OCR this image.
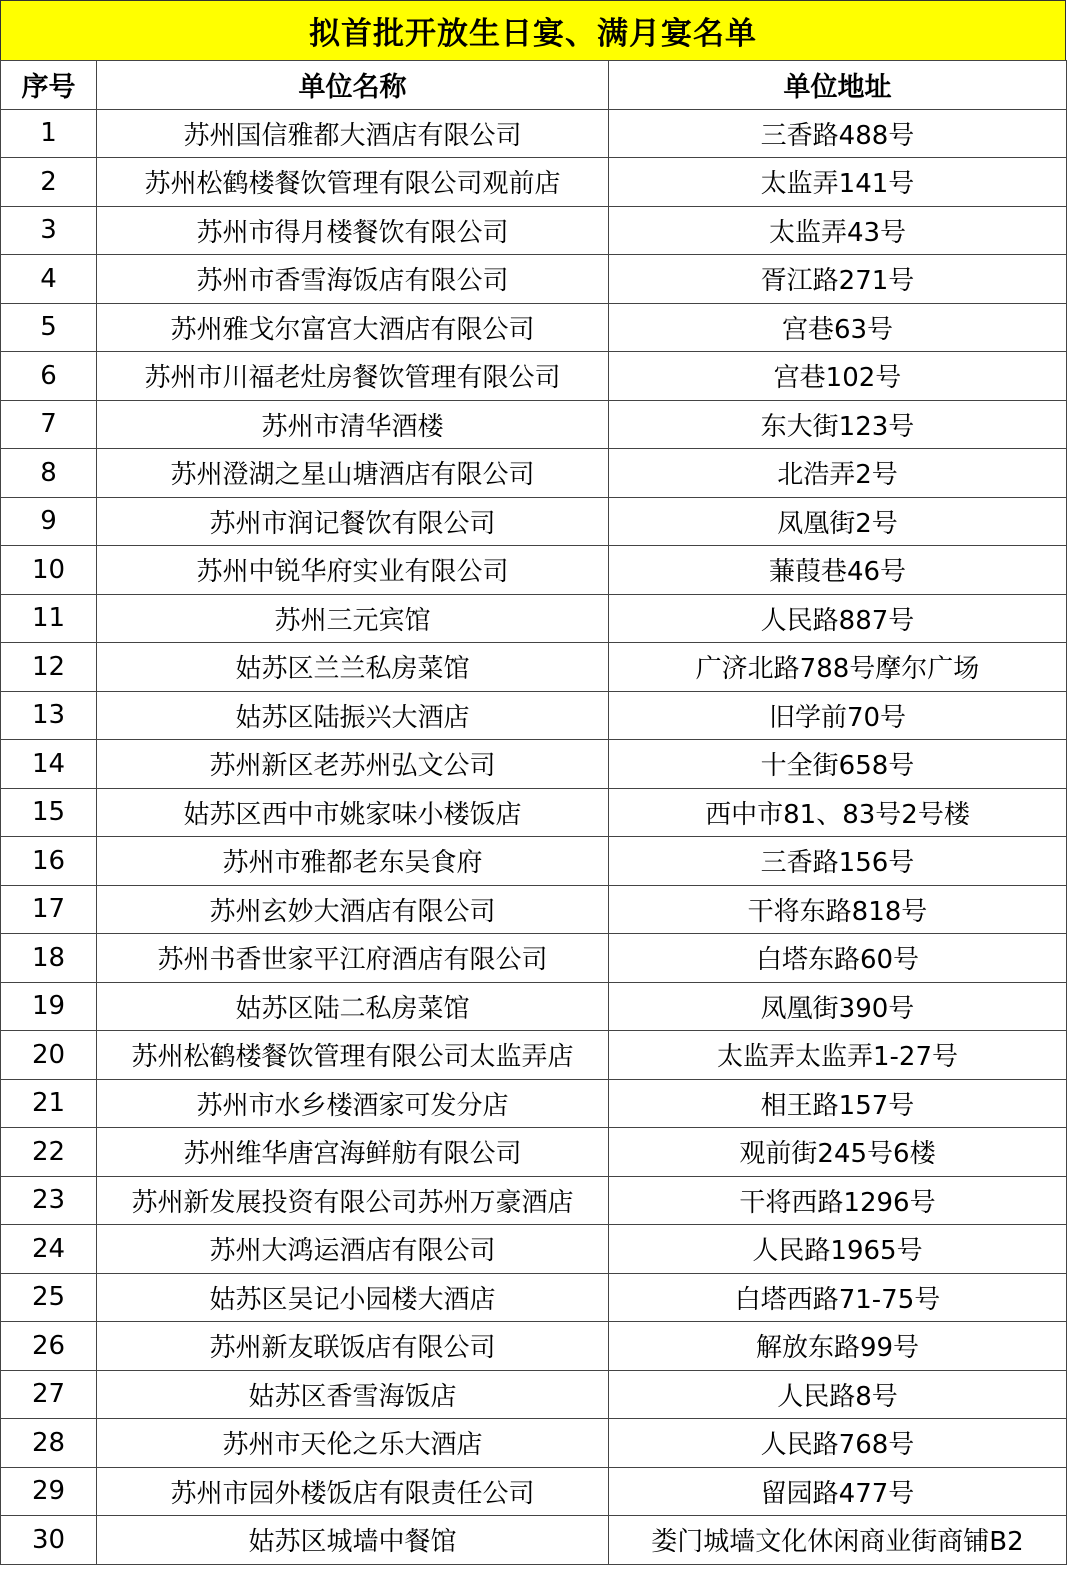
拟首批开放生日宴、满月宴名单
序号	单位名称	单位地址
1	苏州国信雅都大酒店有限公司	三香路488号
2	苏州松鹤楼餐饮管理有限公司观前店	太监弄141号
3	苏州市得月楼餐饮有限公司	太监弄43号
4	苏州市香雪海饭店有限公司	胥江路271号
5	苏州雅戈尔富宫大酒店有限公司	宫巷63号
6	苏州市川福老灶房餐饮管理有限公司	宫巷102号
7	苏州市清华酒楼	东大街123号
8	苏州澄湖之星山塘酒店有限公司	北浩弄2号
9	苏州市润记餐饮有限公司	凤凰街2号
10	苏州中锐华府实业有限公司	蒹葭巷46号
11	苏州三元宾馆	人民路887号
12	姑苏区兰兰私房菜馆	广济北路788号摩尔广场
13	姑苏区陆振兴大酒店	旧学前70号
14	苏州新区老苏州弘文公司	十全街658号
15	姑苏区西中市姚家味小楼饭店	西中市81、83号2号楼
16	苏州市雅都老东吴食府	三香路156号
17	苏州玄妙大酒店有限公司	干将东路818号
18	苏州书香世家平江府酒店有限公司	白塔东路60号
19	姑苏区陆二私房菜馆	凤凰街390号
20	苏州松鹤楼餐饮管理有限公司太监弄店	太监弄太监弄1-27号
21	苏州市水乡楼酒家可发分店	相王路157号
22	苏州维华唐宫海鲜舫有限公司	观前街245号6楼
23	苏州新发展投资有限公司苏州万豪酒店	干将西路1296号
24	苏州大鸿运酒店有限公司	人民路1965号
25	姑苏区吴记小园楼大酒店	白塔西路71-75号
26	苏州新友联饭店有限公司	解放东路99号
27	姑苏区香雪海饭店	人民路8号
28	苏州市天伦之乐大酒店	人民路768号
29	苏州市园外楼饭店有限责任公司	留园路477号
30	姑苏区城墙中餐馆	娄门城墙文化休闲商业街商铺B2
